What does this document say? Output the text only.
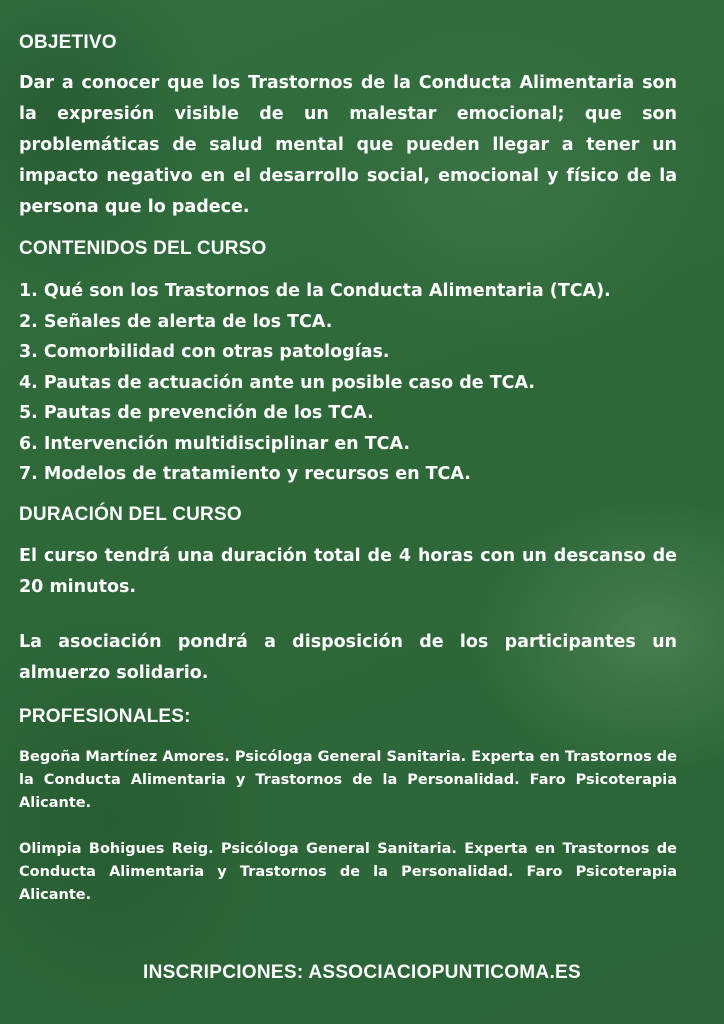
OBJETIVO

Dar a conocer que los Trastornos de la Conducta Alimentaria son la expresión visible de un malestar emocional; que son problemáticas de salud mental que pueden llegar a tener un impacto negativo en el desarrollo social, emocional y físico de la persona que lo padece.

CONTENIDOS DEL CURSO
1. Qué son los Trastornos de la Conducta Alimentaria (TCA).
2. Señales de alerta de los TCA.
3. Comorbilidad con otras patologías.
4. Pautas de actuación ante un posible caso de TCA.
5. Pautas de prevención de los TCA.
6. Intervención multidisciplinar en TCA.
7. Modelos de tratamiento y recursos en TCA.
DURACIÓN DEL CURSO

El curso tendrá una duración total de 4 horas con un descanso de 20 minutos.

La asociación pondrá a disposición de los participantes un almuerzo solidario.

PROFESIONALES:

Begoña Martínez Amores. Psicóloga General Sanitaria. Experta en Trastornos de la Conducta Alimentaria y Trastornos de la Personalidad. Faro Psicoterapia Alicante.

Olimpia Bohigues Reig. Psicóloga General Sanitaria. Experta en Trastornos de Conducta Alimentaria y Trastornos de la Personalidad. Faro Psicoterapia Alicante.

INSCRIPCIONES: ASSOCIACIOPUNTICOMA.ES
